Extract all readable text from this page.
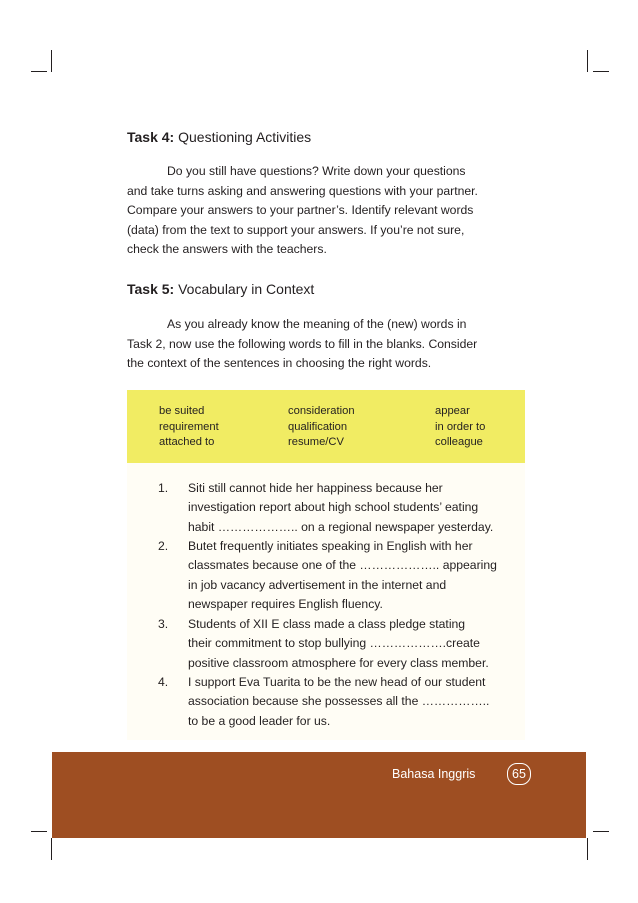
Task 4: Questioning Activities

Do you still have questions? Write down your questions
and take turns asking and answering questions with your partner.
Compare your answers to your partner’s. Identify relevant words
(data) from the text to support your answers. If you’re not sure,
check the answers with the teachers.

Task 5: Vocabulary in Context

As you already know the meaning of the (new) words in
Task 2, now use the following words to fill in the blanks. Consider
the context of the sentences in choosing the right words.

be suited
requirement
attached to
consideration
qualification
resume/CV
appear
in order to
colleague
1. Siti still cannot hide her happiness because her
investigation report about high school students’ eating
habit ……………….. on a regional newspaper yesterday.
2. Butet frequently initiates speaking in English with her
classmates because one of the ……………….. appearing
in job vacancy advertisement in the internet and
newspaper requires English fluency.
3. Students of XII E class made a class pledge stating
their commitment to stop bullying ……………….create
positive classroom atmosphere for every class member.
4. I support Eva Tuarita to be the new head of our student
association because she possesses all the ……………..
to be a good leader for us.
Bahasa Inggris	65
